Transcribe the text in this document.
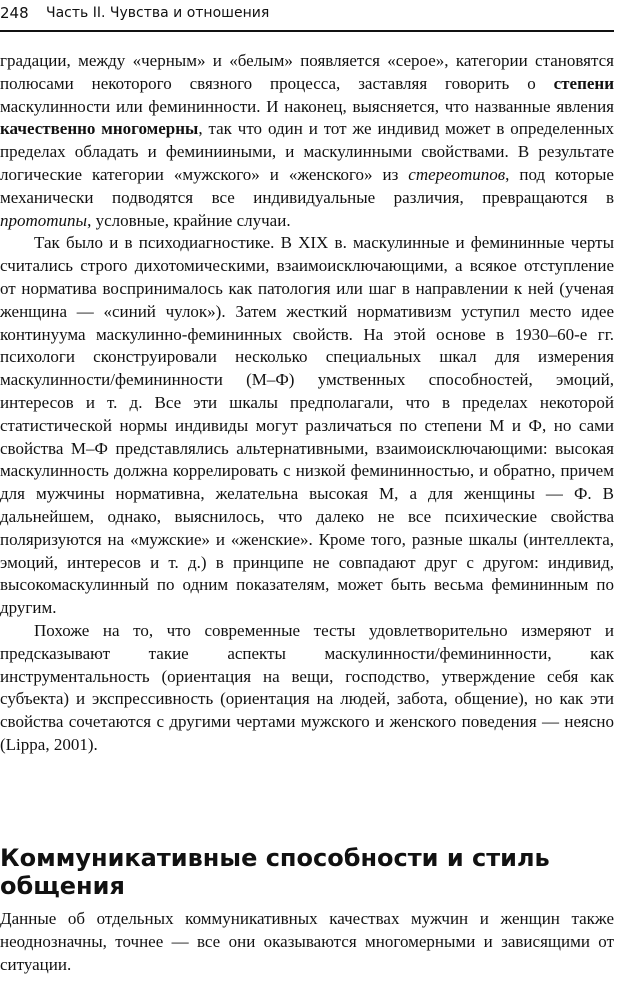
248 Часть II. Чувства и отношения

градации, между «черным» и «белым» появляется «серое», категории становятся полюсами некоторого связного процесса, заставляя говорить о степени маскулинности или фемининности. И наконец, выясняется, что названные явления качественно многомерны, так что один и тот же индивид может в определенных пределах обладать и феминииными, и маскулинными свойствами. В результате логические категории «мужского» и «женского» из стереотипов, под которые механически подводятся все индивидуальные различия, превращаются в прототипы, условные, крайние случаи.

Так было и в психодиагностике. В XIX в. маскулинные и фемининные черты считались строго дихотомическими, взаимоисключающими, а всякое отступление от норматива воспринималось как патология или шаг в направлении к ней (ученая женщина — «синий чулок»). Затем жесткий нормативизм уступил место идее континуума маскулинно-фемининных свойств. На этой основе в 1930–60-е гг. психологи сконструировали несколько специальных шкал для измерения маскулинности/фемининности (М–Ф) умственных способностей, эмоций, интересов и т. д. Все эти шкалы предполагали, что в пределах некоторой статистической нормы индивиды могут различаться по степени М и Ф, но сами свойства М–Ф представлялись альтернативными, взаимоисключающими: высокая маскулинность должна коррелировать с низкой фемининностью, и обратно, причем для мужчины нормативна, желательна высокая М, а для женщины — Ф. В дальнейшем, однако, выяснилось, что далеко не все психические свойства поляризуются на «мужские» и «женские». Кроме того, разные шкалы (интеллекта, эмоций, интересов и т. д.) в принципе не совпадают друг с другом: индивид, высокомаскулинный по одним показателям, может быть весьма фемининным по другим.

Похоже на то, что современные тесты удовлетворительно измеряют и предсказывают такие аспекты маскулинности/фемининности, как инструментальность (ориентация на вещи, господство, утверждение себя как субъекта) и экспрессивность (ориентация на людей, забота, общение), но как эти свойства сочетаются с другими чертами мужского и женского поведения — неясно (Lippa, 2001).

Коммуникативные способности и стиль общения

Данные об отдельных коммуникативных качествах мужчин и женщин также неоднозначны, точнее — все они оказываются многомерными и зависящими от ситуации.
